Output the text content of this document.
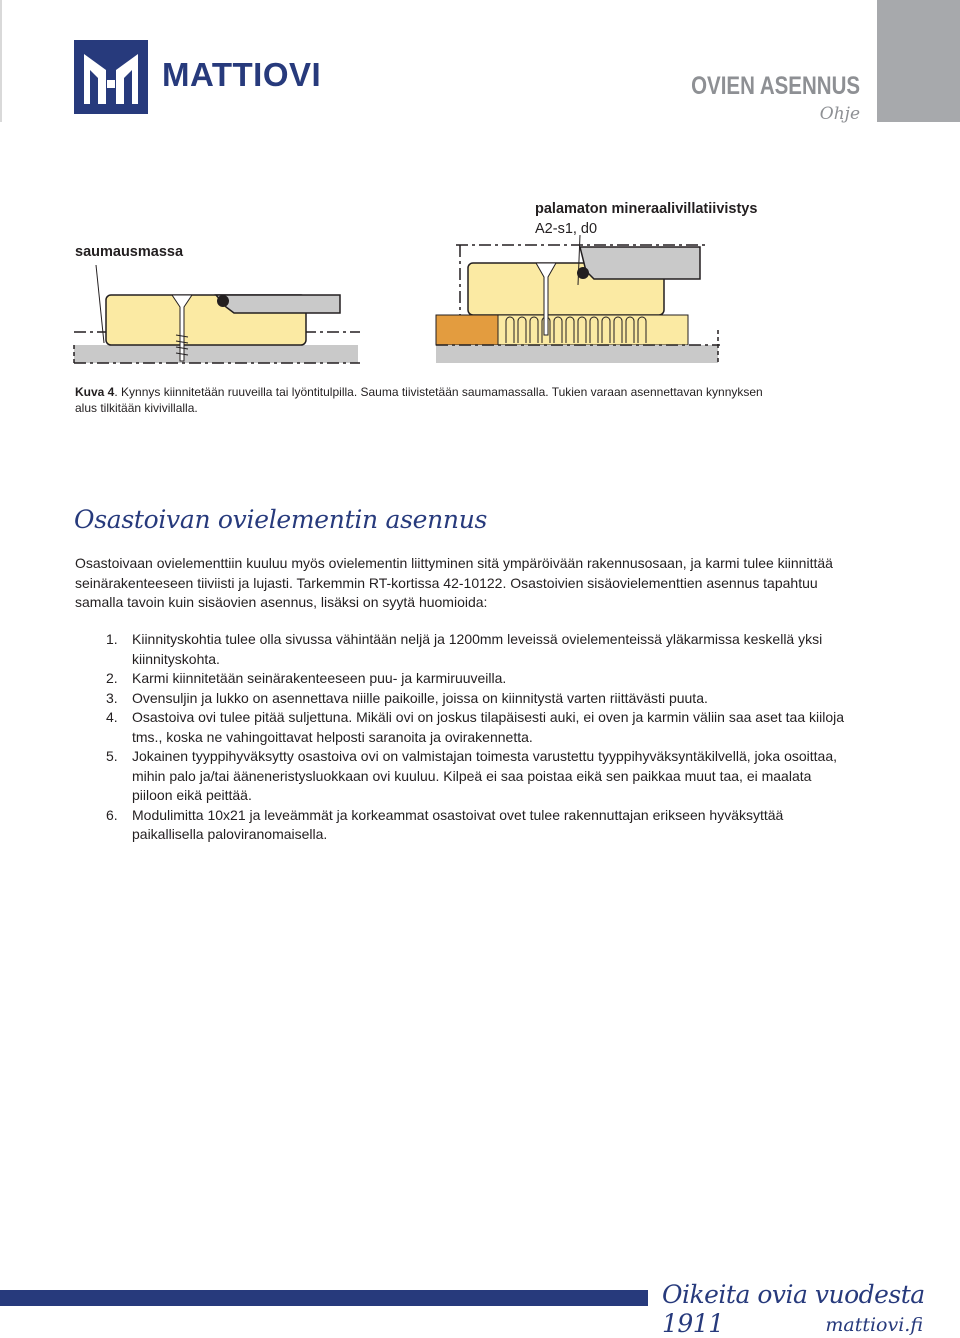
MATTIOVI	OVIEN ASENNUS
Ohje
saumausmassa
palamaton mineraalivillatiivistys
A2-s1, d0
Kuva 4. Kynnys kiinnitetään ruuveilla tai lyöntitulpilla. Sauma tiivistetään saumamassalla. Tukien varaan asennettavan kynnyksen alus tilkitään kivivillalla.
Osastoivan ovielementin asennus
Osastoivaan ovielementtiin kuuluu myös ovielementin liittyminen sitä ympäröivään rakennusosaan, ja karmi tulee kiinnittää seinärakenteeseen tiiviisti ja lujasti. Tarkemmin RT-kortissa 42-10122. Osastoivien sisäovielementtien asennus tapahtuu samalla tavoin kuin sisäovien asennus, lisäksi on syytä huomioida:
1. Kiinnityskohtia tulee olla sivussa vähintään neljä ja 1200mm leveissä ovielementeissä yläkarmissa keskellä yksi kiinnityskohta.
2. Karmi kiinnitetään seinärakenteeseen puu- ja karmiruuveilla.
3. Ovensuljin ja lukko on asennettava niille paikoille, joissa on kiinnitystä varten riittävästi puuta.
4. Osastoiva ovi tulee pitää suljettuna. Mikäli ovi on joskus tilapäisesti auki, ei oven ja karmin väliin saa aset taa kiiloja tms., koska ne vahingoittavat helposti saranoita ja ovirakennetta.
5. Jokainen tyyppihyväksytty osastoiva ovi on valmistajan toimesta varustettu tyyppihyväksyntäkilvellä, joka osoittaa, mihin palo ja/tai ääneneristysluokkaan ovi kuuluu. Kilpeä ei saa poistaa eikä sen paikkaa muut taa, ei maalata piiloon eikä peittää.
6. Modulimitta 10x21 ja leveämmät ja korkeammat osastoivat ovet tulee rakennuttajan erikseen hyväksyttää paikallisella paloviranomaisella.
Oikeita ovia vuodesta 1911	mattiovi.fi
